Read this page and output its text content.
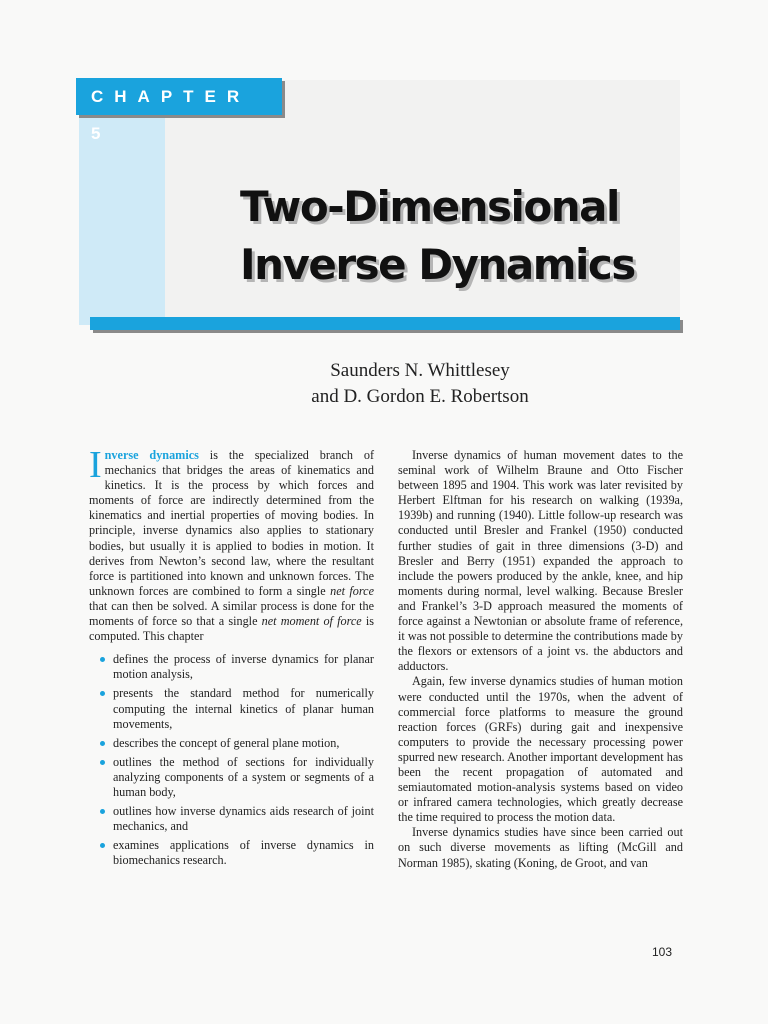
CHAPTER 5
Two-Dimensional
Inverse Dynamics
Saunders N. Whittlesey
and D. Gordon E. Robertson

Inverse dynamics is the specialized branch of mechanics that bridges the areas of kinematics and kinetics. It is the process by which forces and moments of force are indirectly determined from the kinematics and inertial properties of moving bodies. In principle, inverse dynamics also applies to stationary bodies, but usually it is applied to bodies in motion. It derives from Newton’s second law, where the resultant force is partitioned into known and unknown forces. The unknown forces are combined to form a single net force that can then be solved. A similar process is done for the moments of force so that a single net moment of force is computed. This chapter

defines the process of inverse dynamics for planar motion analysis,
presents the standard method for numerically computing the internal kinetics of planar human movements,
describes the concept of general plane motion,
outlines the method of sections for individually analyzing components of a system or segments of a human body,
outlines how inverse dynamics aids research of joint mechanics, and
examines applications of inverse dynamics in biomechanics research.

Inverse dynamics of human movement dates to the seminal work of Wilhelm Braune and Otto Fischer between 1895 and 1904. This work was later revisited by Herbert Elftman for his research on walking (1939a, 1939b) and running (1940). Little follow-up research was conducted until Bresler and Frankel (1950) conducted further studies of gait in three dimensions (3-D) and Bresler and Berry (1951) expanded the approach to include the powers produced by the ankle, knee, and hip moments during normal, level walking. Because Bresler and Frankel’s 3-D approach measured the moments of force against a Newtonian or absolute frame of reference, it was not possible to determine the contributions made by the flexors or extensors of a joint vs. the abductors and adductors.

Again, few inverse dynamics studies of human motion were conducted until the 1970s, when the advent of commercial force platforms to measure the ground reaction forces (GRFs) during gait and inexpensive computers to provide the necessary processing power spurred new research. Another important development has been the recent propagation of automated and semiautomated motion-analysis systems based on video or infrared camera technologies, which greatly decrease the time required to process the motion data.

Inverse dynamics studies have since been carried out on such diverse movements as lifting (McGill and Norman 1985), skating (Koning, de Groot, and van

103
